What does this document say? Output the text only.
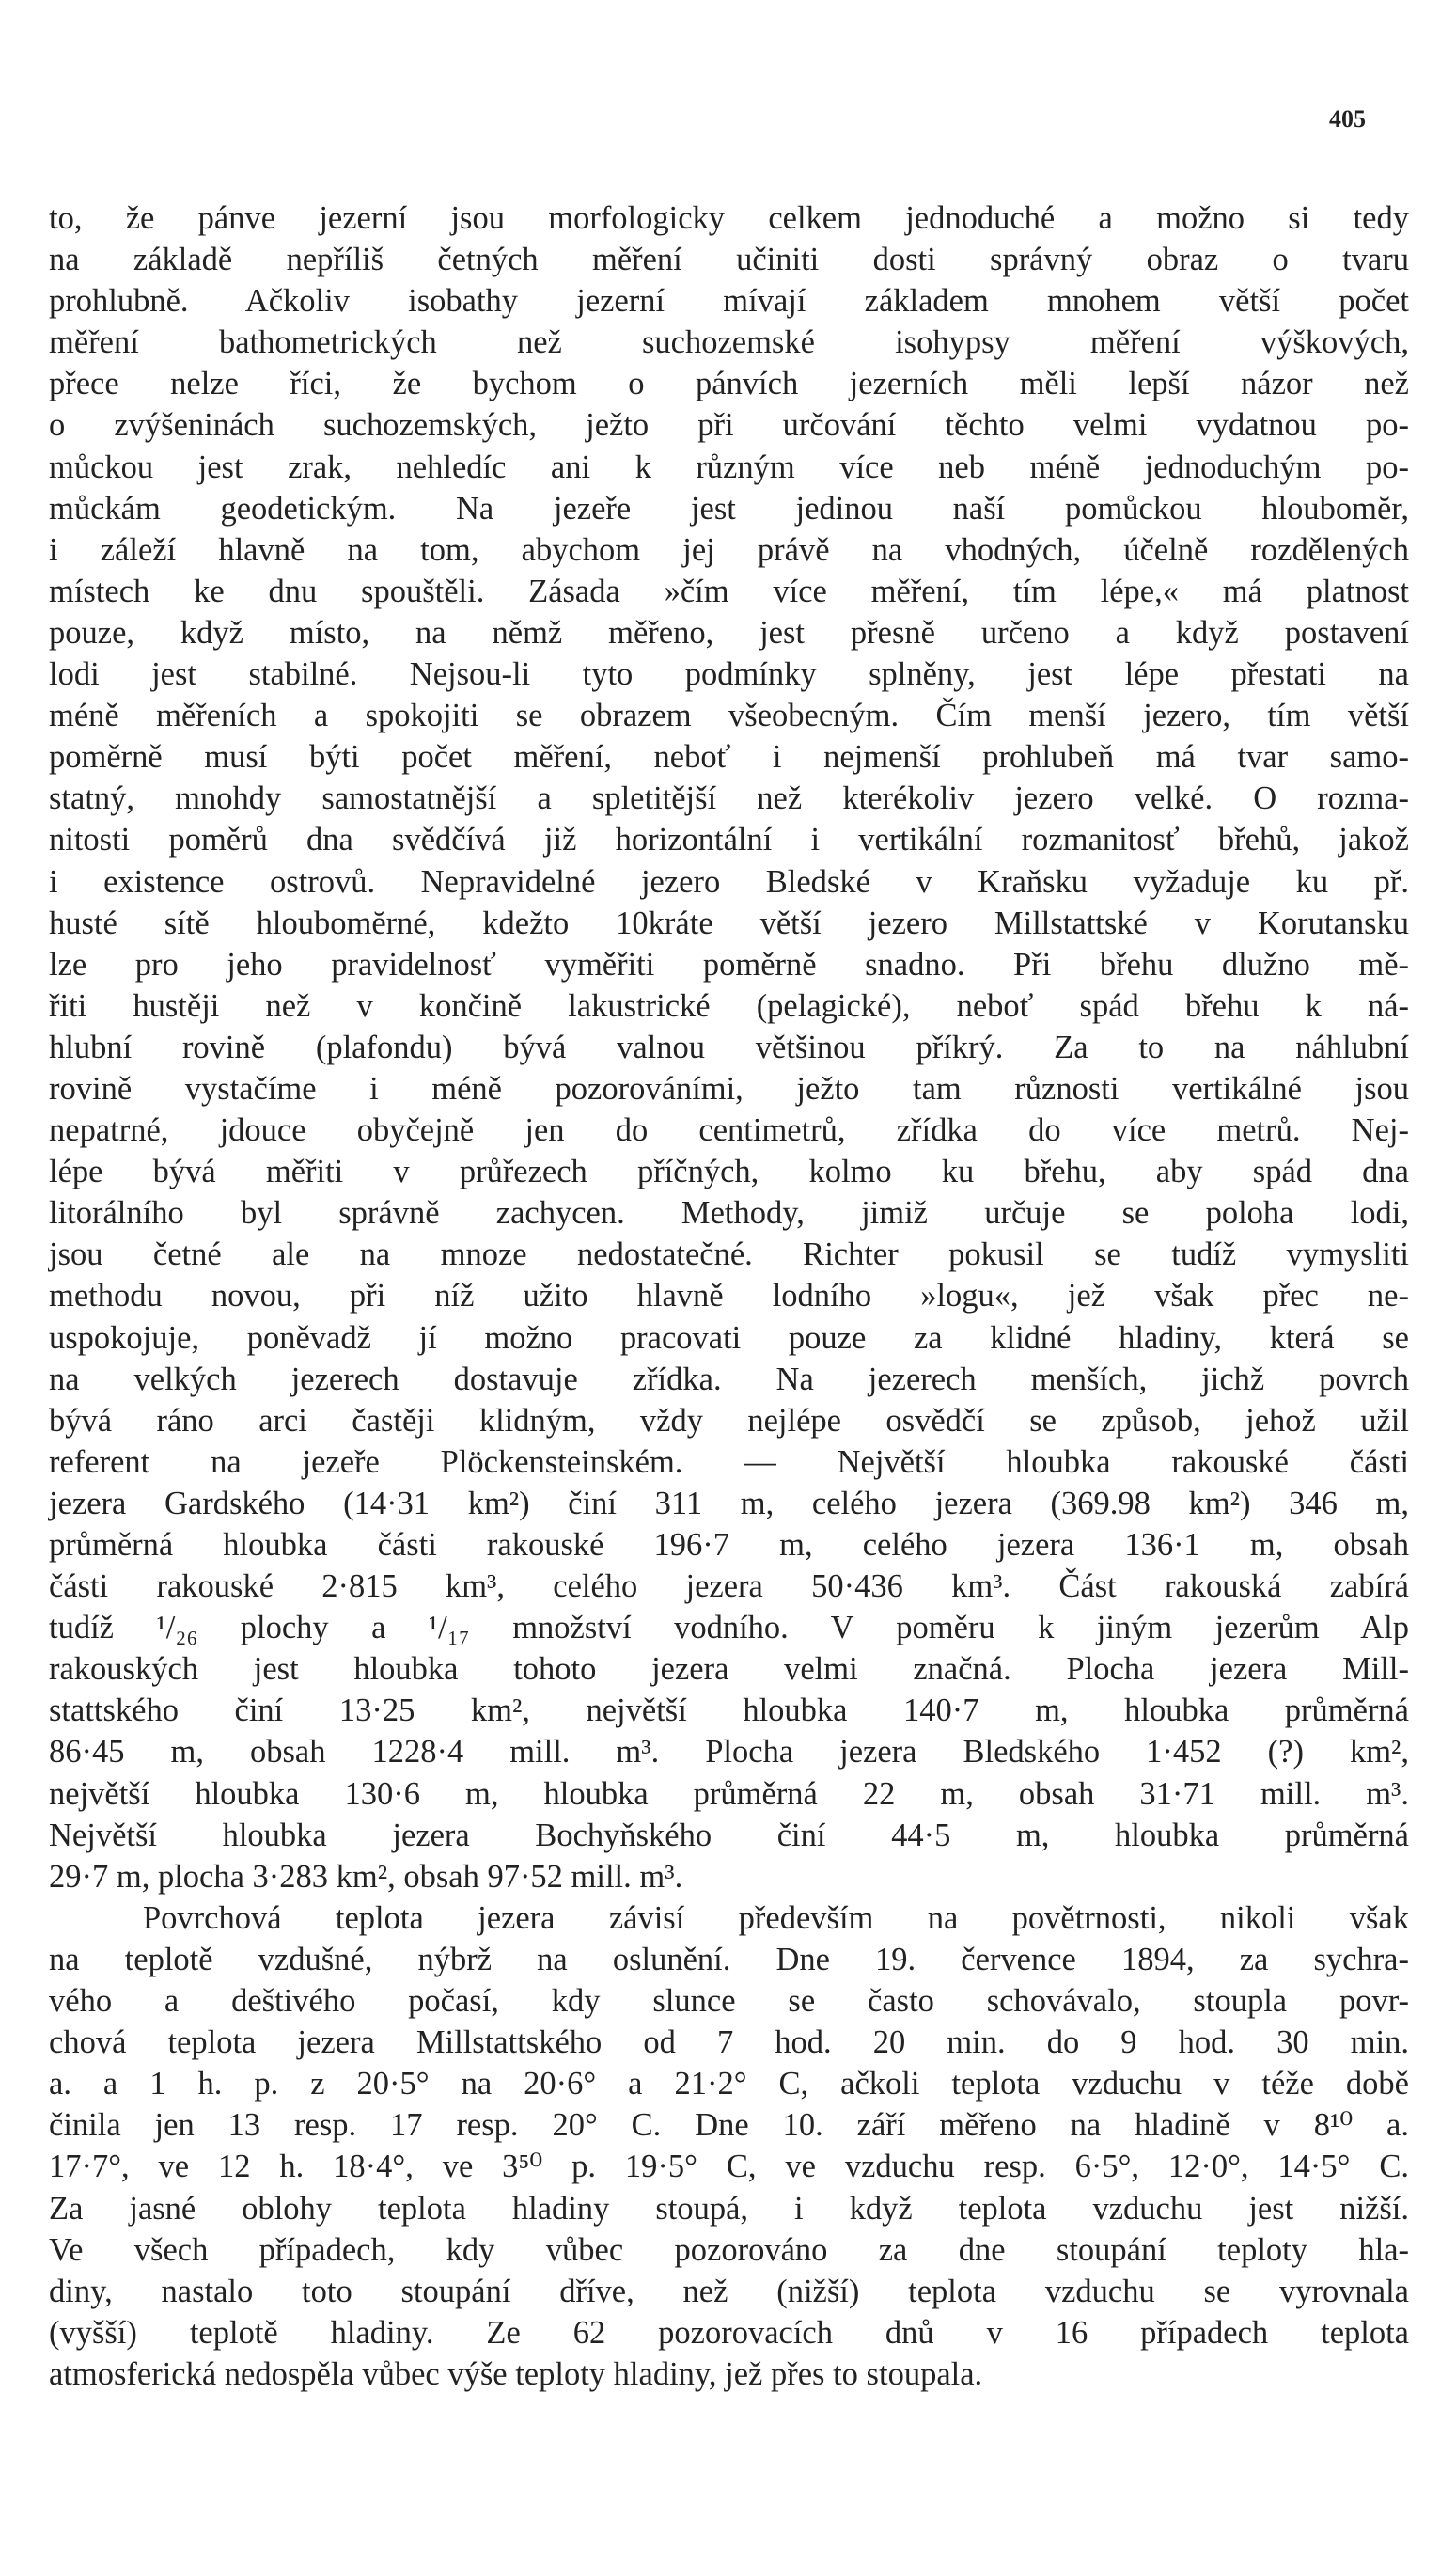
405

to, že pánve jezerní jsou morfologicky celkem jednoduché a možno si tedy
na základě nepříliš četných měření učiniti dosti správný obraz o tvaru
prohlubně. Ačkoliv isobathy jezerní mívají základem mnohem větší počet
měření bathometrických než suchozemské isohypsy měření výškových,
přece nelze říci, že bychom o pánvích jezerních měli lepší názor než
o zvýšeninách suchozemských, ježto při určování těchto velmi vydatnou po-
můckou jest zrak, nehledíc ani k různým více neb méně jednoduchým po-
můckám geodetickým. Na jezeře jest jedinou naší pomůckou hloubomĕr,
i záleží hlavně na tom, abychom jej právě na vhodných, účelně rozdělených
místech ke dnu spouštěli. Zásada »čím více měření, tím lépe,« má platnost
pouze, když místo, na němž měřeno, jest přesně určeno a když postavení
lodi jest stabilné. Nejsou-li tyto podmínky splněny, jest lépe přestati na
méně měřeních a spokojiti se obrazem všeobecným. Čím menší jezero, tím větší
poměrně musí býti počet měření, neboť i nejmenší prohlubeň má tvar samo-
statný, mnohdy samostatnější a spletitější než kterékoliv jezero velké. O rozma-
nitosti poměrů dna svědčívá již horizontální i vertikální rozmanitosť břehů, jakož
i existence ostrovů. Nepravidelné jezero Bledské v Kraňsku vyžaduje ku př.
husté sítě hloubomĕrné, kdežto 10kráte větší jezero Millstattské v Korutansku
lze pro jeho pravidelnosť vyměřiti poměrně snadno. Při břehu dlužno mě-
řiti hustěji než v končině lakustrické (pelagické), neboť spád břehu k ná-
hlubní rovině (plafondu) bývá valnou většinou příkrý. Za to na náhlubní
rovině vystačíme i méně pozorováními, ježto tam různosti vertikálné jsou
nepatrné, jdouce obyčejně jen do centimetrů, zřídka do více metrů. Nej-
lépe bývá měřiti v průřezech příčných, kolmo ku břehu, aby spád dna
litorálního byl správně zachycen. Methody, jimiž určuje se poloha lodi,
jsou četné ale na mnoze nedostatečné. Richter pokusil se tudíž vymysliti
methodu novou, při níž užito hlavně lodního »logu«, jež však přec ne-
uspokojuje, poněvadž jí možno pracovati pouze za klidné hladiny, která se
na velkých jezerech dostavuje zřídka. Na jezerech menších, jichž povrch
bývá ráno arci častěji klidným, vždy nejlépe osvědčí se způsob, jehož užil
referent na jezeře Plöckensteinském. — Největší hloubka rakouské části
jezera Gardského (14·31 km²) činí 311 m, celého jezera (369.98 km²) 346 m,
průměrná hloubka části rakouské 196·7 m, celého jezera 136·1 m, obsah
části rakouské 2·815 km³, celého jezera 50·436 km³. Část rakouská zabírá
tudíž ¹/₂₆ plochy a ¹/₁₇ množství vodního. V poměru k jiným jezerům Alp
rakouských jest hloubka tohoto jezera velmi značná. Plocha jezera Mill-
stattského činí 13·25 km², největší hloubka 140·7 m, hloubka průměrná
86·45 m, obsah 1228·4 mill. m³. Plocha jezera Bledského 1·452 (?) km²,
největší hloubka 130·6 m, hloubka průměrná 22 m, obsah 31·71 mill. m³.
Největší hloubka jezera Bochyňského činí 44·5 m, hloubka průměrná
29·7 m, plocha 3·283 km², obsah 97·52 mill. m³.

Povrchová teplota jezera závisí především na povětrnosti, nikoli však
na teplotě vzdušné, nýbrž na oslunění. Dne 19. července 1894, za sychra-
vého a deštivého počasí, kdy slunce se často schovávalo, stoupla povr-
chová teplota jezera Millstattského od 7 hod. 20 min. do 9 hod. 30 min.
a. a 1 h. p. z 20·5° na 20·6° a 21·2° C, ačkoli teplota vzduchu v téže době
činila jen 13 resp. 17 resp. 20° C. Dne 10. září měřeno na hladině v 8¹⁰ a.
17·7°, ve 12 h. 18·4°, ve 3⁵⁰ p. 19·5° C, ve vzduchu resp. 6·5°, 12·0°, 14·5° C.
Za jasné oblohy teplota hladiny stoupá, i když teplota vzduchu jest nižší.
Ve všech případech, kdy vůbec pozorováno za dne stoupání teploty hla-
diny, nastalo toto stoupání dříve, než (nižší) teplota vzduchu se vyrovnala
(vyšší) teplotě hladiny. Ze 62 pozorovacích dnů v 16 případech teplota
atmosferická nedospěla vůbec výše teploty hladiny, jež přes to stoupala.
